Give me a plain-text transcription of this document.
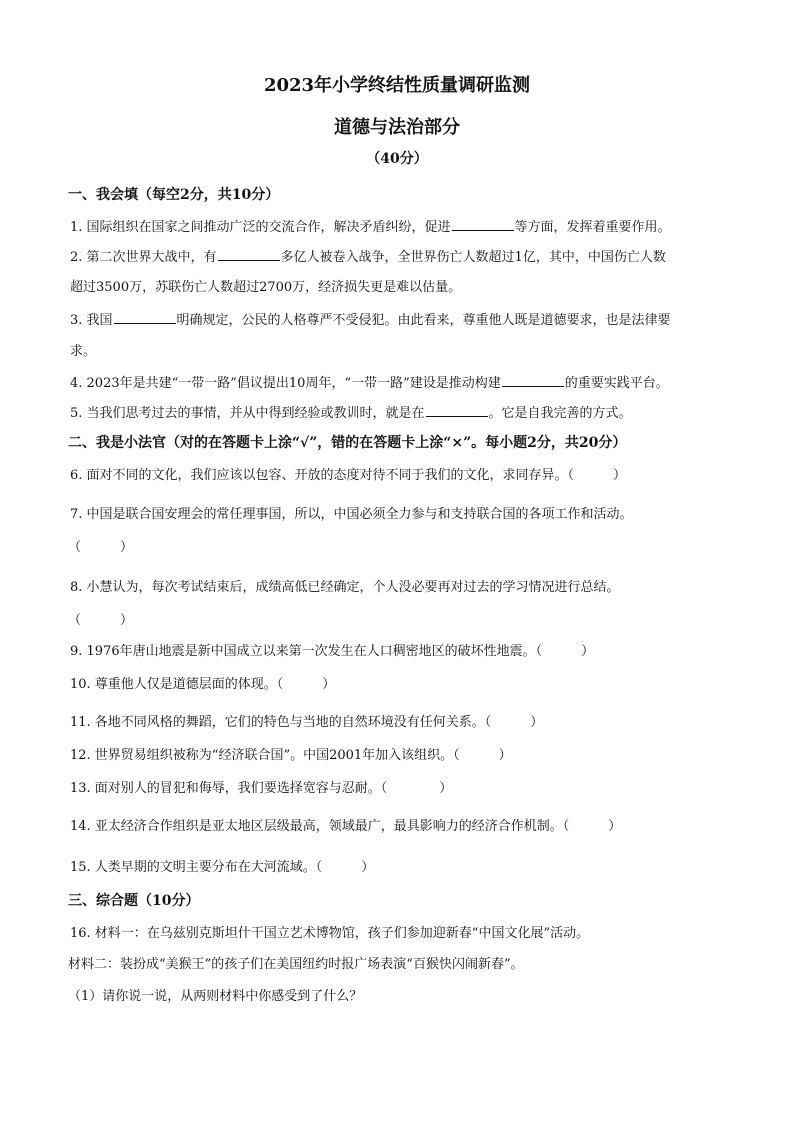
2023年小学终结性质量调研监测
道德与法治部分
（40分）
一、我会填（每空2分，共10分）
1. 国际组织在国家之间推动广泛的交流合作，解决矛盾纠纷，促进	等方面，发挥着重要作用。
2. 第二次世界大战中，有	多亿人被卷入战争，全世界伤亡人数超过1亿，其中，中国伤亡人数
超过3500万，苏联伤亡人数超过2700万，经济损失更是难以估量。
3. 我国	明确规定，公民的人格尊严不受侵犯。由此看来，尊重他人既是道德要求，也是法律要
求。
4. 2023年是共建“一带一路”倡议提出10周年，“一带一路”建设是推动构建	的重要实践平台。
5. 当我们思考过去的事情，并从中得到经验或教训时，就是在	。它是自我完善的方式。
二、我是小法官（对的在答题卡上涂“√”，错的在答题卡上涂“×”。每小题2分，共20分）
6. 面对不同的文化，我们应该以包容、开放的态度对待不同于我们的文化，求同存异。（　　　）
7. 中国是联合国安理会的常任理事国，所以，中国必须全力参与和支持联合国的各项工作和活动。
（　　　）
8. 小慧认为，每次考试结束后，成绩高低已经确定，个人没必要再对过去的学习情况进行总结。
（　　　）
9. 1976年唐山地震是新中国成立以来第一次发生在人口稠密地区的破坏性地震。（　　　）
10. 尊重他人仅是道德层面的体现。（　　　）
11. 各地不同风格的舞蹈，它们的特色与当地的自然环境没有任何关系。（　　　）
12. 世界贸易组织被称为“经济联合国”。中国2001年加入该组织。（　　　）
13. 面对别人的冒犯和侮辱，我们要选择宽容与忍耐。（　　　　）
14. 亚太经济合作组织是亚太地区层级最高，领域最广，最具影响力的经济合作机制。（　　　）
15. 人类早期的文明主要分布在大河流域。（　　　）
三、综合题（10分）
16. 材料一：在乌兹别克斯坦什干国立艺术博物馆，孩子们参加迎新春“中国文化展”活动。
材料二：装扮成“美猴王”的孩子们在美国纽约时报广场表演“百猴快闪闹新春”。
（1）请你说一说，从两则材料中你感受到了什么？
